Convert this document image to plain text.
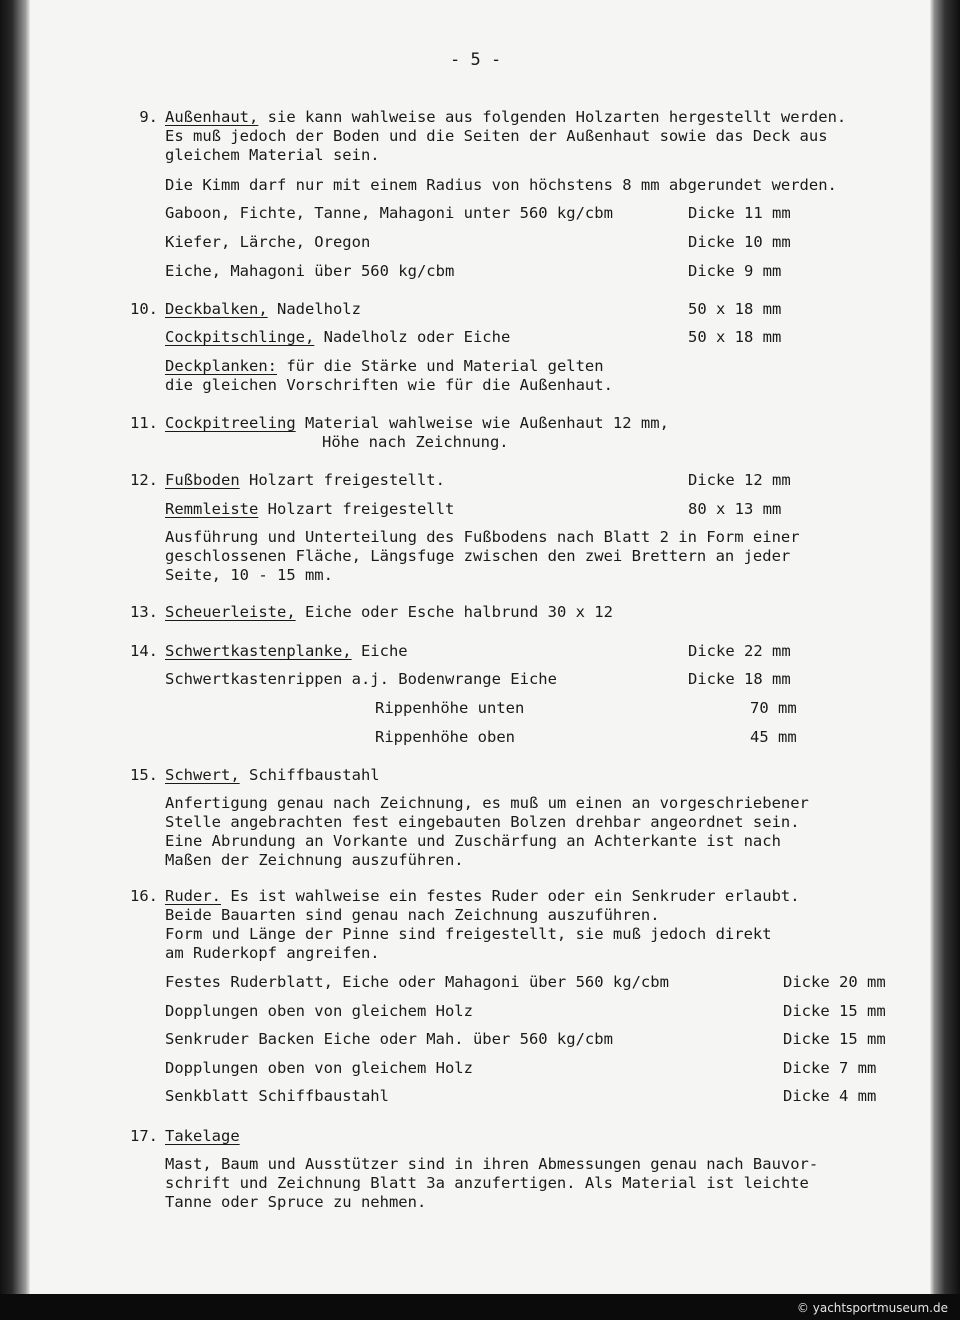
- 5 -
9. Außenhaut, sie kann wahlweise aus folgenden Holzarten hergestellt werden.
Es muß jedoch der Boden und die Seiten der Außenhaut sowie das Deck aus
gleichem Material sein.
Die Kimm darf nur mit einem Radius von höchstens 8 mm abgerundet werden.
Gaboon, Fichte, Tanne, Mahagoni unter 560 kg/cbm	Dicke 11 mm
Kiefer, Lärche, Oregon	Dicke 10 mm
Eiche, Mahagoni über 560 kg/cbm	Dicke 9 mm
10. Deckbalken, Nadelholz	50 x 18 mm
Cockpitschlinge, Nadelholz oder Eiche	50 x 18 mm
Deckplanken: für die Stärke und Material gelten
die gleichen Vorschriften wie für die Außenhaut.
11. Cockpitreeling Material wahlweise wie Außenhaut 12 mm,
Höhe nach Zeichnung.
12. Fußboden Holzart freigestellt.	Dicke 12 mm
Remmleiste Holzart freigestellt	80 x 13 mm
Ausführung und Unterteilung des Fußbodens nach Blatt 2 in Form einer
geschlossenen Fläche, Längsfuge zwischen den zwei Brettern an jeder
Seite, 10 - 15 mm.
13. Scheuerleiste, Eiche oder Esche halbrund 30 x 12
14. Schwertkastenplanke, Eiche	Dicke 22 mm
Schwertkastenrippen a.j. Bodenwrange Eiche	Dicke 18 mm
Rippenhöhe unten	70 mm
Rippenhöhe oben	45 mm
15. Schwert, Schiffbaustahl
Anfertigung genau nach Zeichnung, es muß um einen an vorgeschriebener
Stelle angebrachten fest eingebauten Bolzen drehbar angeordnet sein.
Eine Abrundung an Vorkante und Zuschärfung an Achterkante ist nach
Maßen der Zeichnung auszuführen.
16. Ruder. Es ist wahlweise ein festes Ruder oder ein Senkruder erlaubt.
Beide Bauarten sind genau nach Zeichnung auszuführen.
Form und Länge der Pinne sind freigestellt, sie muß jedoch direkt
am Ruderkopf angreifen.
Festes Ruderblatt, Eiche oder Mahagoni über 560 kg/cbm	Dicke 20 mm
Dopplungen oben von gleichem Holz	Dicke 15 mm
Senkruder Backen Eiche oder Mah. über 560 kg/cbm	Dicke 15 mm
Dopplungen oben von gleichem Holz	Dicke 7 mm
Senkblatt Schiffbaustahl	Dicke 4 mm
17. Takelage
Mast, Baum und Ausstützer sind in ihren Abmessungen genau nach Bauvor-
schrift und Zeichnung Blatt 3a anzufertigen. Als Material ist leichte
Tanne oder Spruce zu nehmen.
© yachtsportmuseum.de
